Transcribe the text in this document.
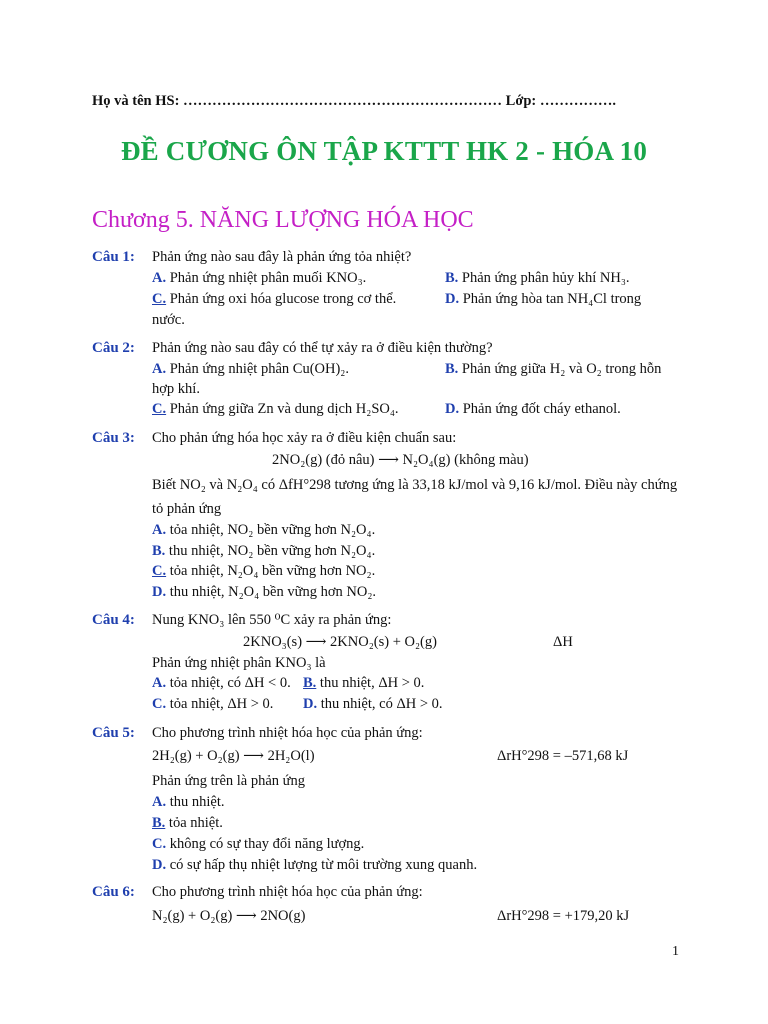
Họ và tên HS: ………………………………………………………… Lớp: …………….
ĐỀ CƯƠNG ÔN TẬP KTTT HK 2 - HÓA 10
Chương 5. NĂNG LƯỢNG HÓA HỌC
Câu 1: Phản ứng nào sau đây là phản ứng tỏa nhiệt?
A. Phản ứng nhiệt phân muối KNO₃.	B. Phản ứng phân hủy khí NH₃.
C. Phản ứng oxi hóa glucose trong cơ thể.	D. Phản ứng hòa tan NH₄Cl trong
nước.
Câu 2: Phản ứng nào sau đây có thể tự xảy ra ở điều kiện thường?
A. Phản ứng nhiệt phân Cu(OH)₂.	B. Phản ứng giữa H₂ và O₂ trong hỗn
hợp khí.
C. Phản ứng giữa Zn và dung dịch H₂SO₄.	D. Phản ứng đốt cháy ethanol.
Câu 3: Cho phản ứng hóa học xảy ra ở điều kiện chuẩn sau:
2NO₂(g) (đỏ nâu) ⟶ N₂O₄(g) (không màu)
Biết NO₂ và N₂O₄ có ΔfH°298 tương ứng là 33,18 kJ/mol và 9,16 kJ/mol. Điều này chứng
tỏ phản ứng
A. tỏa nhiệt, NO₂ bền vững hơn N₂O₄.
B. thu nhiệt, NO₂ bền vững hơn N₂O₄.
C. tỏa nhiệt, N₂O₄ bền vững hơn NO₂.
D. thu nhiệt, N₂O₄ bền vững hơn NO₂.
Câu 4: Nung KNO₃ lên 550 ⁰C xảy ra phản ứng:
2KNO₃(s) ⟶ 2KNO₂(s) + O₂(g)	ΔH
Phản ứng nhiệt phân KNO₃ là
A. tỏa nhiệt, có ΔH < 0. B. thu nhiệt, ΔH > 0.
C. tỏa nhiệt, ΔH > 0. D. thu nhiệt, có ΔH > 0.
Câu 5: Cho phương trình nhiệt hóa học của phản ứng:
2H₂(g) + O₂(g) ⟶ 2H₂O(l)	ΔrH°298 = –571,68 kJ
Phản ứng trên là phản ứng
A. thu nhiệt.
B. tỏa nhiệt.
C. không có sự thay đổi năng lượng.
D. có sự hấp thụ nhiệt lượng từ môi trường xung quanh.
Câu 6: Cho phương trình nhiệt hóa học của phản ứng:
N₂(g) + O₂(g) ⟶ 2NO(g)	ΔrH°298 = +179,20 kJ
1
